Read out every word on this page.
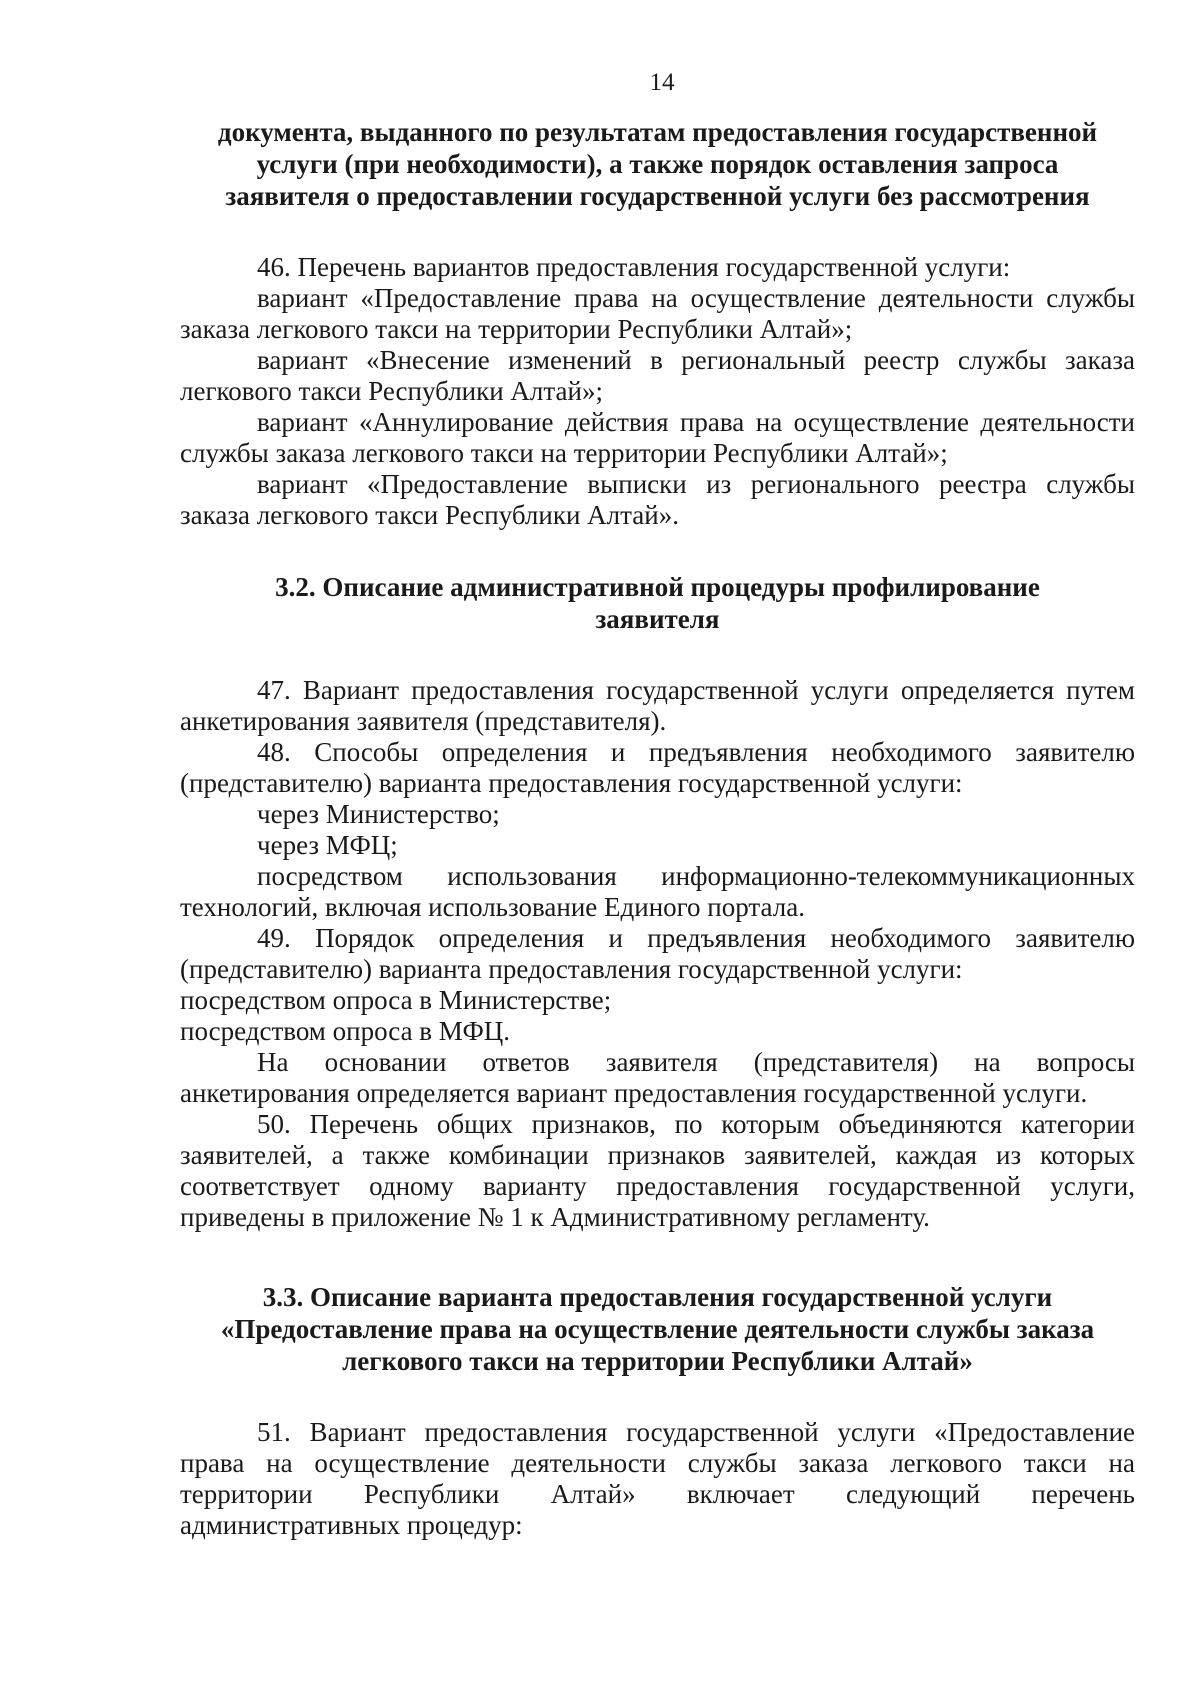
14
документа, выданного по результатам предоставления государственной
услуги (при необходимости), а также порядок оставления запроса
заявителя о предоставлении государственной услуги без рассмотрения

46. Перечень вариантов предоставления государственной услуги:

вариант «Предоставление права на осуществление деятельности службы заказа легкового такси на территории Республики Алтай»;

вариант «Внесение изменений в региональный реестр службы заказа легкового такси Республики Алтай»;

вариант «Аннулирование действия права на осуществление деятельности службы заказа легкового такси на территории Республики Алтай»;

вариант «Предоставление выписки из регионального реестра службы заказа легкового такси Республики Алтай».

3.2. Описание административной процедуры профилирование
заявителя

47. Вариант предоставления государственной услуги определяется путем анкетирования заявителя (представителя).

48. Способы определения и предъявления необходимого заявителю (представителю) варианта предоставления государственной услуги:

через Министерство;

через МФЦ;

посредством использования информационно-телекоммуникационных технологий, включая использование Единого портала.

49. Порядок определения и предъявления необходимого заявителю (представителю) варианта предоставления государственной услуги:

посредством опроса в Министерстве;

посредством опроса в МФЦ.

На основании ответов заявителя (представителя) на вопросы анкетирования определяется вариант предоставления государственной услуги.

50. Перечень общих признаков, по которым объединяются категории заявителей, а также комбинации признаков заявителей, каждая из которых соответствует одному варианту предоставления государственной услуги, приведены в приложение № 1 к Административному регламенту.

3.3. Описание варианта предоставления государственной услуги
«Предоставление права на осуществление деятельности службы заказа
легкового такси на территории Республики Алтай»

51. Вариант предоставления государственной услуги «Предоставление права на осуществление деятельности службы заказа легкового такси на территории Республики Алтай» включает следующий перечень административных процедур:
